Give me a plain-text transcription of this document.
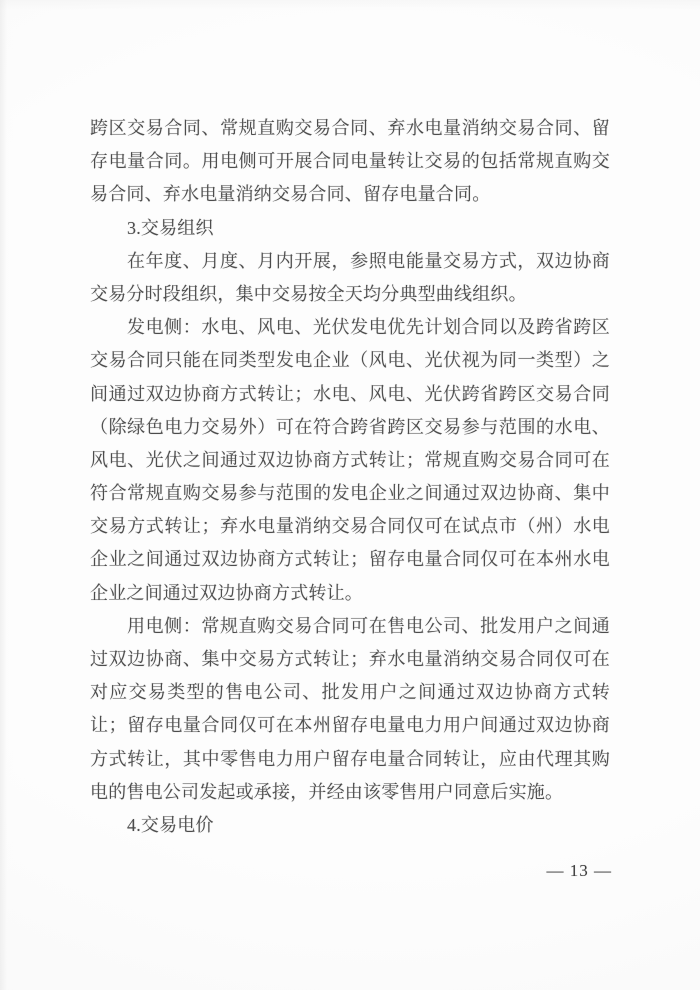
跨区交易合同、常规直购交易合同、弃水电量消纳交易合同、留
存电量合同。用电侧可开展合同电量转让交易的包括常规直购交
易合同、弃水电量消纳交易合同、留存电量合同。
3.交易组织
在年度、月度、月内开展，参照电能量交易方式，双边协商
交易分时段组织，集中交易按全天均分典型曲线组织。
发电侧：水电、风电、光伏发电优先计划合同以及跨省跨区
交易合同只能在同类型发电企业（风电、光伏视为同一类型）之
间通过双边协商方式转让；水电、风电、光伏跨省跨区交易合同
（除绿色电力交易外）可在符合跨省跨区交易参与范围的水电、
风电、光伏之间通过双边协商方式转让；常规直购交易合同可在
符合常规直购交易参与范围的发电企业之间通过双边协商、集中
交易方式转让；弃水电量消纳交易合同仅可在试点市（州）水电
企业之间通过双边协商方式转让；留存电量合同仅可在本州水电
企业之间通过双边协商方式转让。
用电侧：常规直购交易合同可在售电公司、批发用户之间通
过双边协商、集中交易方式转让；弃水电量消纳交易合同仅可在
对应交易类型的售电公司、批发用户之间通过双边协商方式转
让；留存电量合同仅可在本州留存电量电力用户间通过双边协商
方式转让，其中零售电力用户留存电量合同转让，应由代理其购
电的售电公司发起或承接，并经由该零售用户同意后实施。
4.交易电价
— 13 —
